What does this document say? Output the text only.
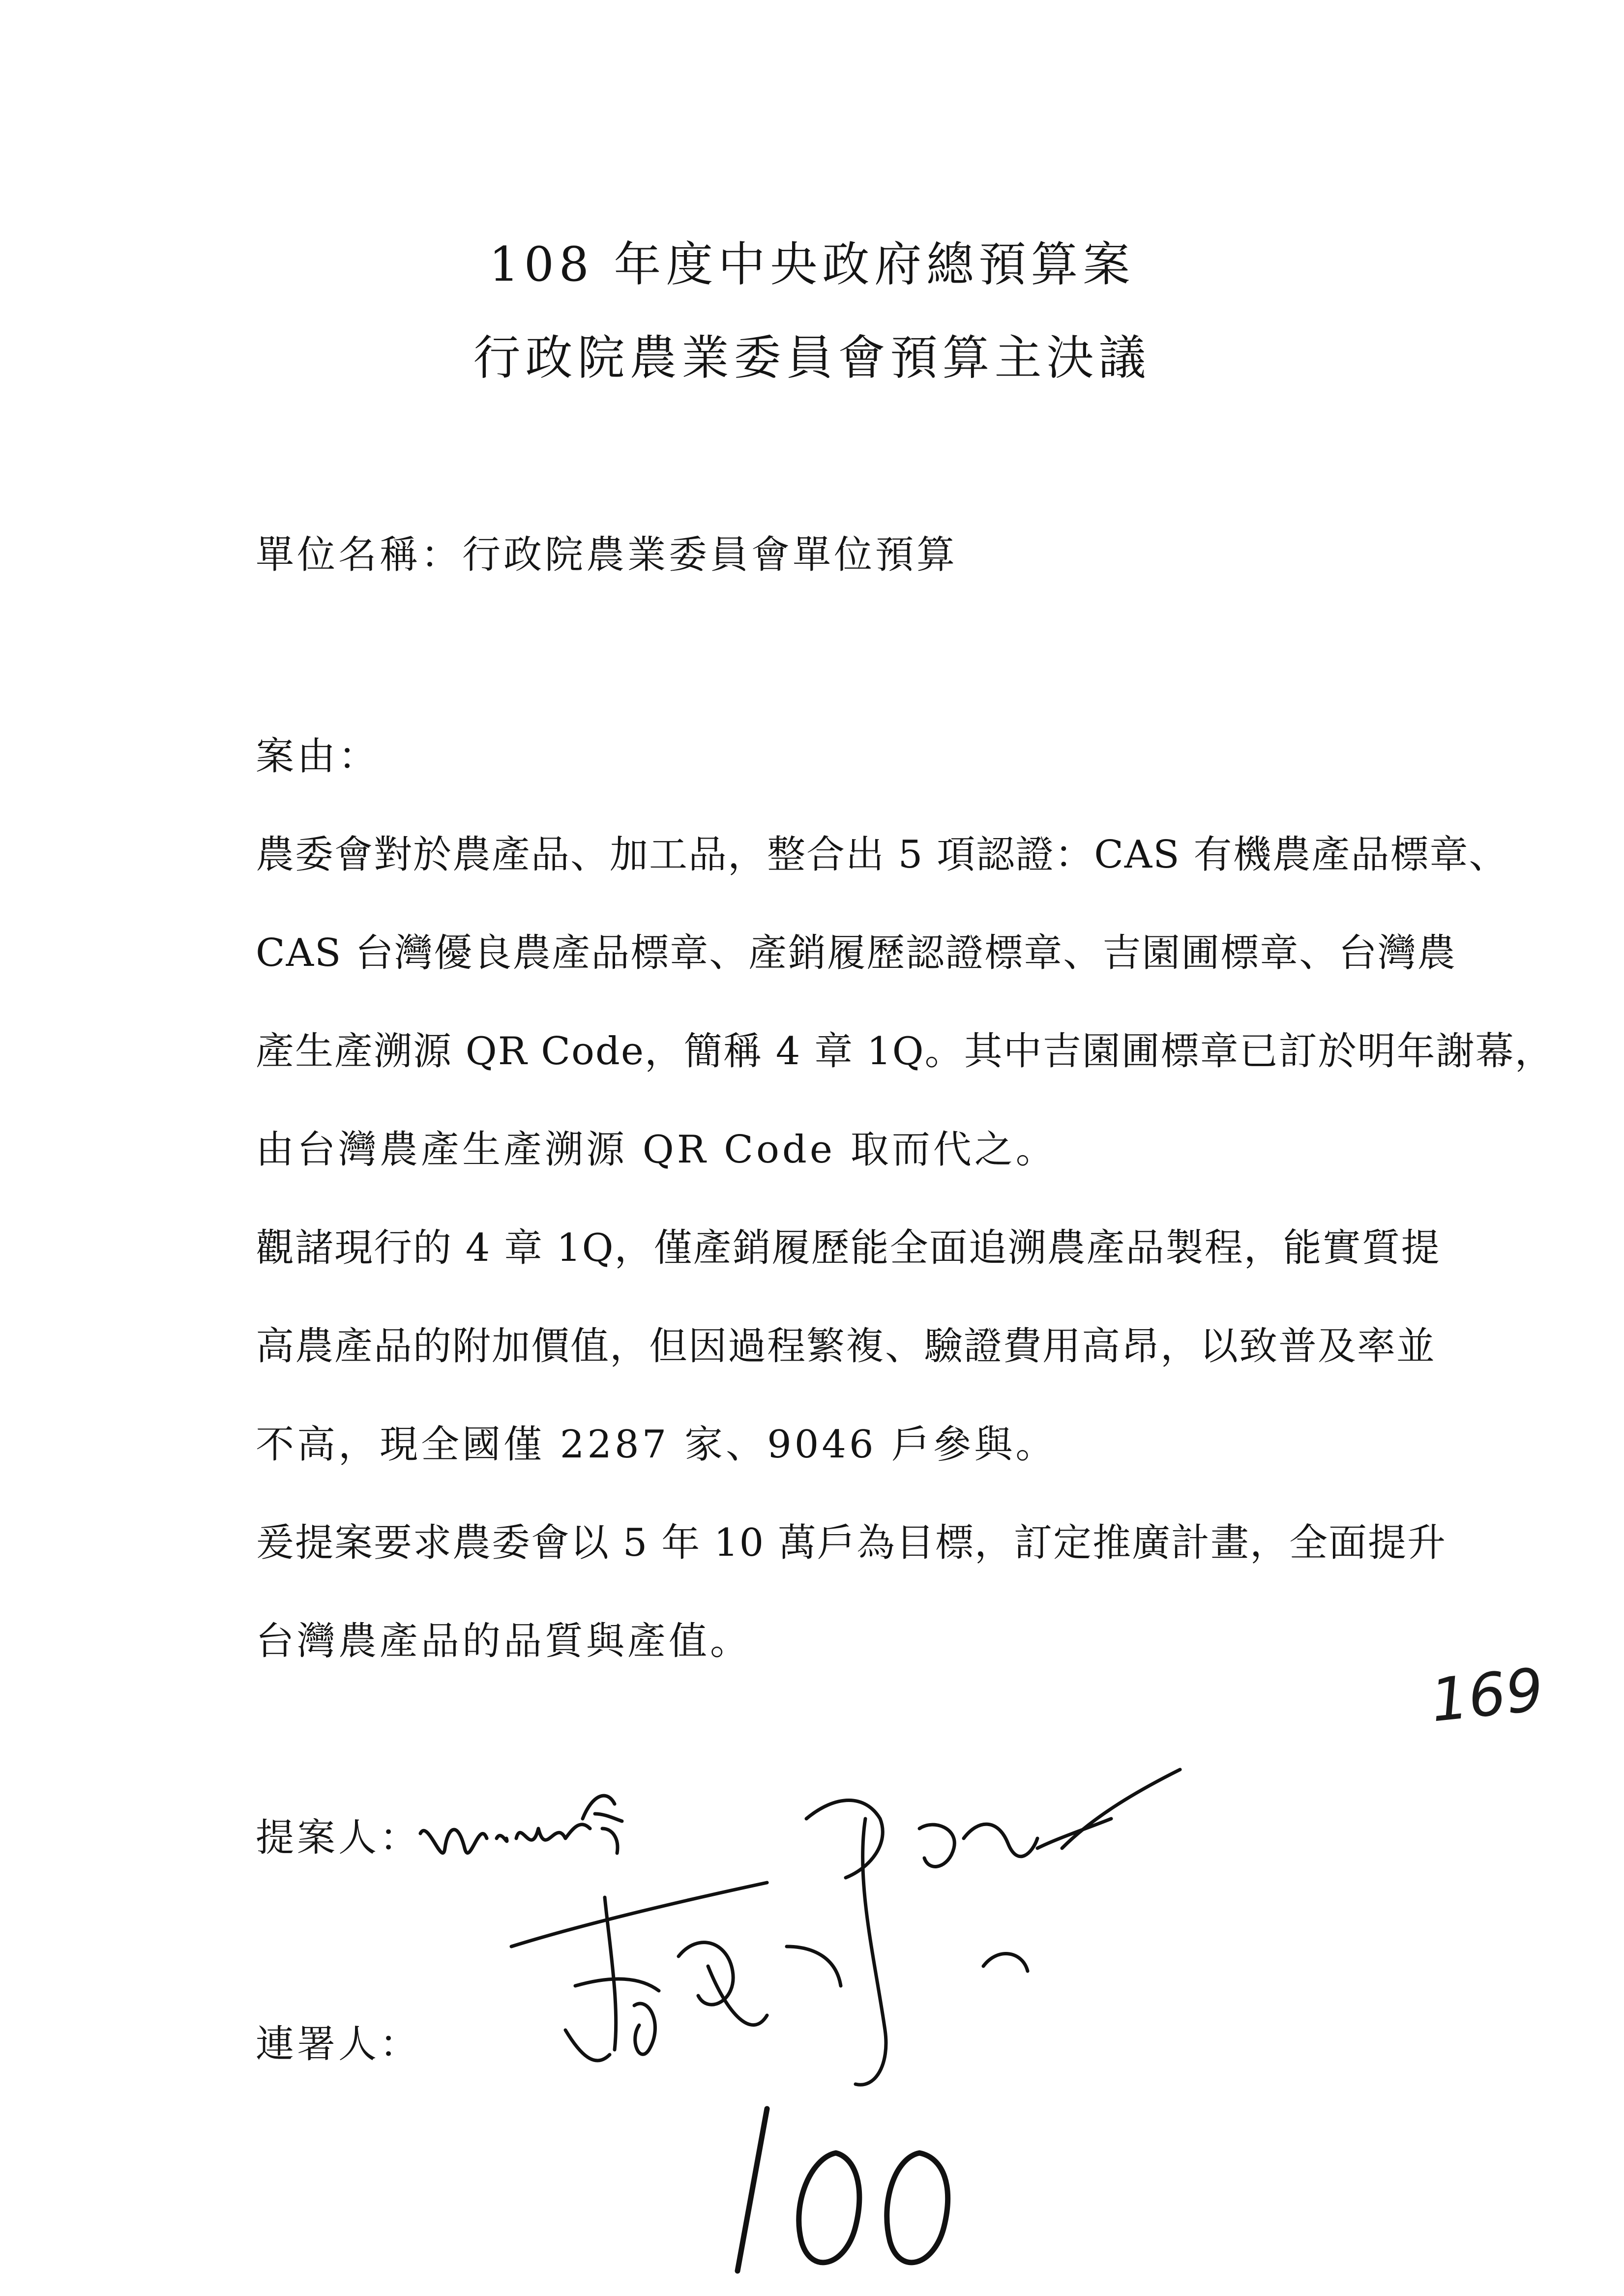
108 年度中央政府總預算案
行政院農業委員會預算主決議
單位名稱：行政院農業委員會單位預算
案由：
農委會對於農產品、加工品，整合出 5 項認證：CAS 有機農產品標章、
CAS 台灣優良農產品標章、產銷履歷認證標章、吉園圃標章、台灣農
產生產溯源 QR Code，簡稱 4 章 1Q。其中吉園圃標章已訂於明年謝幕，
由台灣農產生產溯源 QR Code 取而代之。
觀諸現行的 4 章 1Q，僅產銷履歷能全面追溯農產品製程，能實質提
高農產品的附加價值，但因過程繁複、驗證費用高昂，以致普及率並
不高，現全國僅 2287 家、9046 戶參與。
爰提案要求農委會以 5 年 10 萬戶為目標，訂定推廣計畫，全面提升
台灣農產品的品質與產值。
提案人：
連署人：
169
